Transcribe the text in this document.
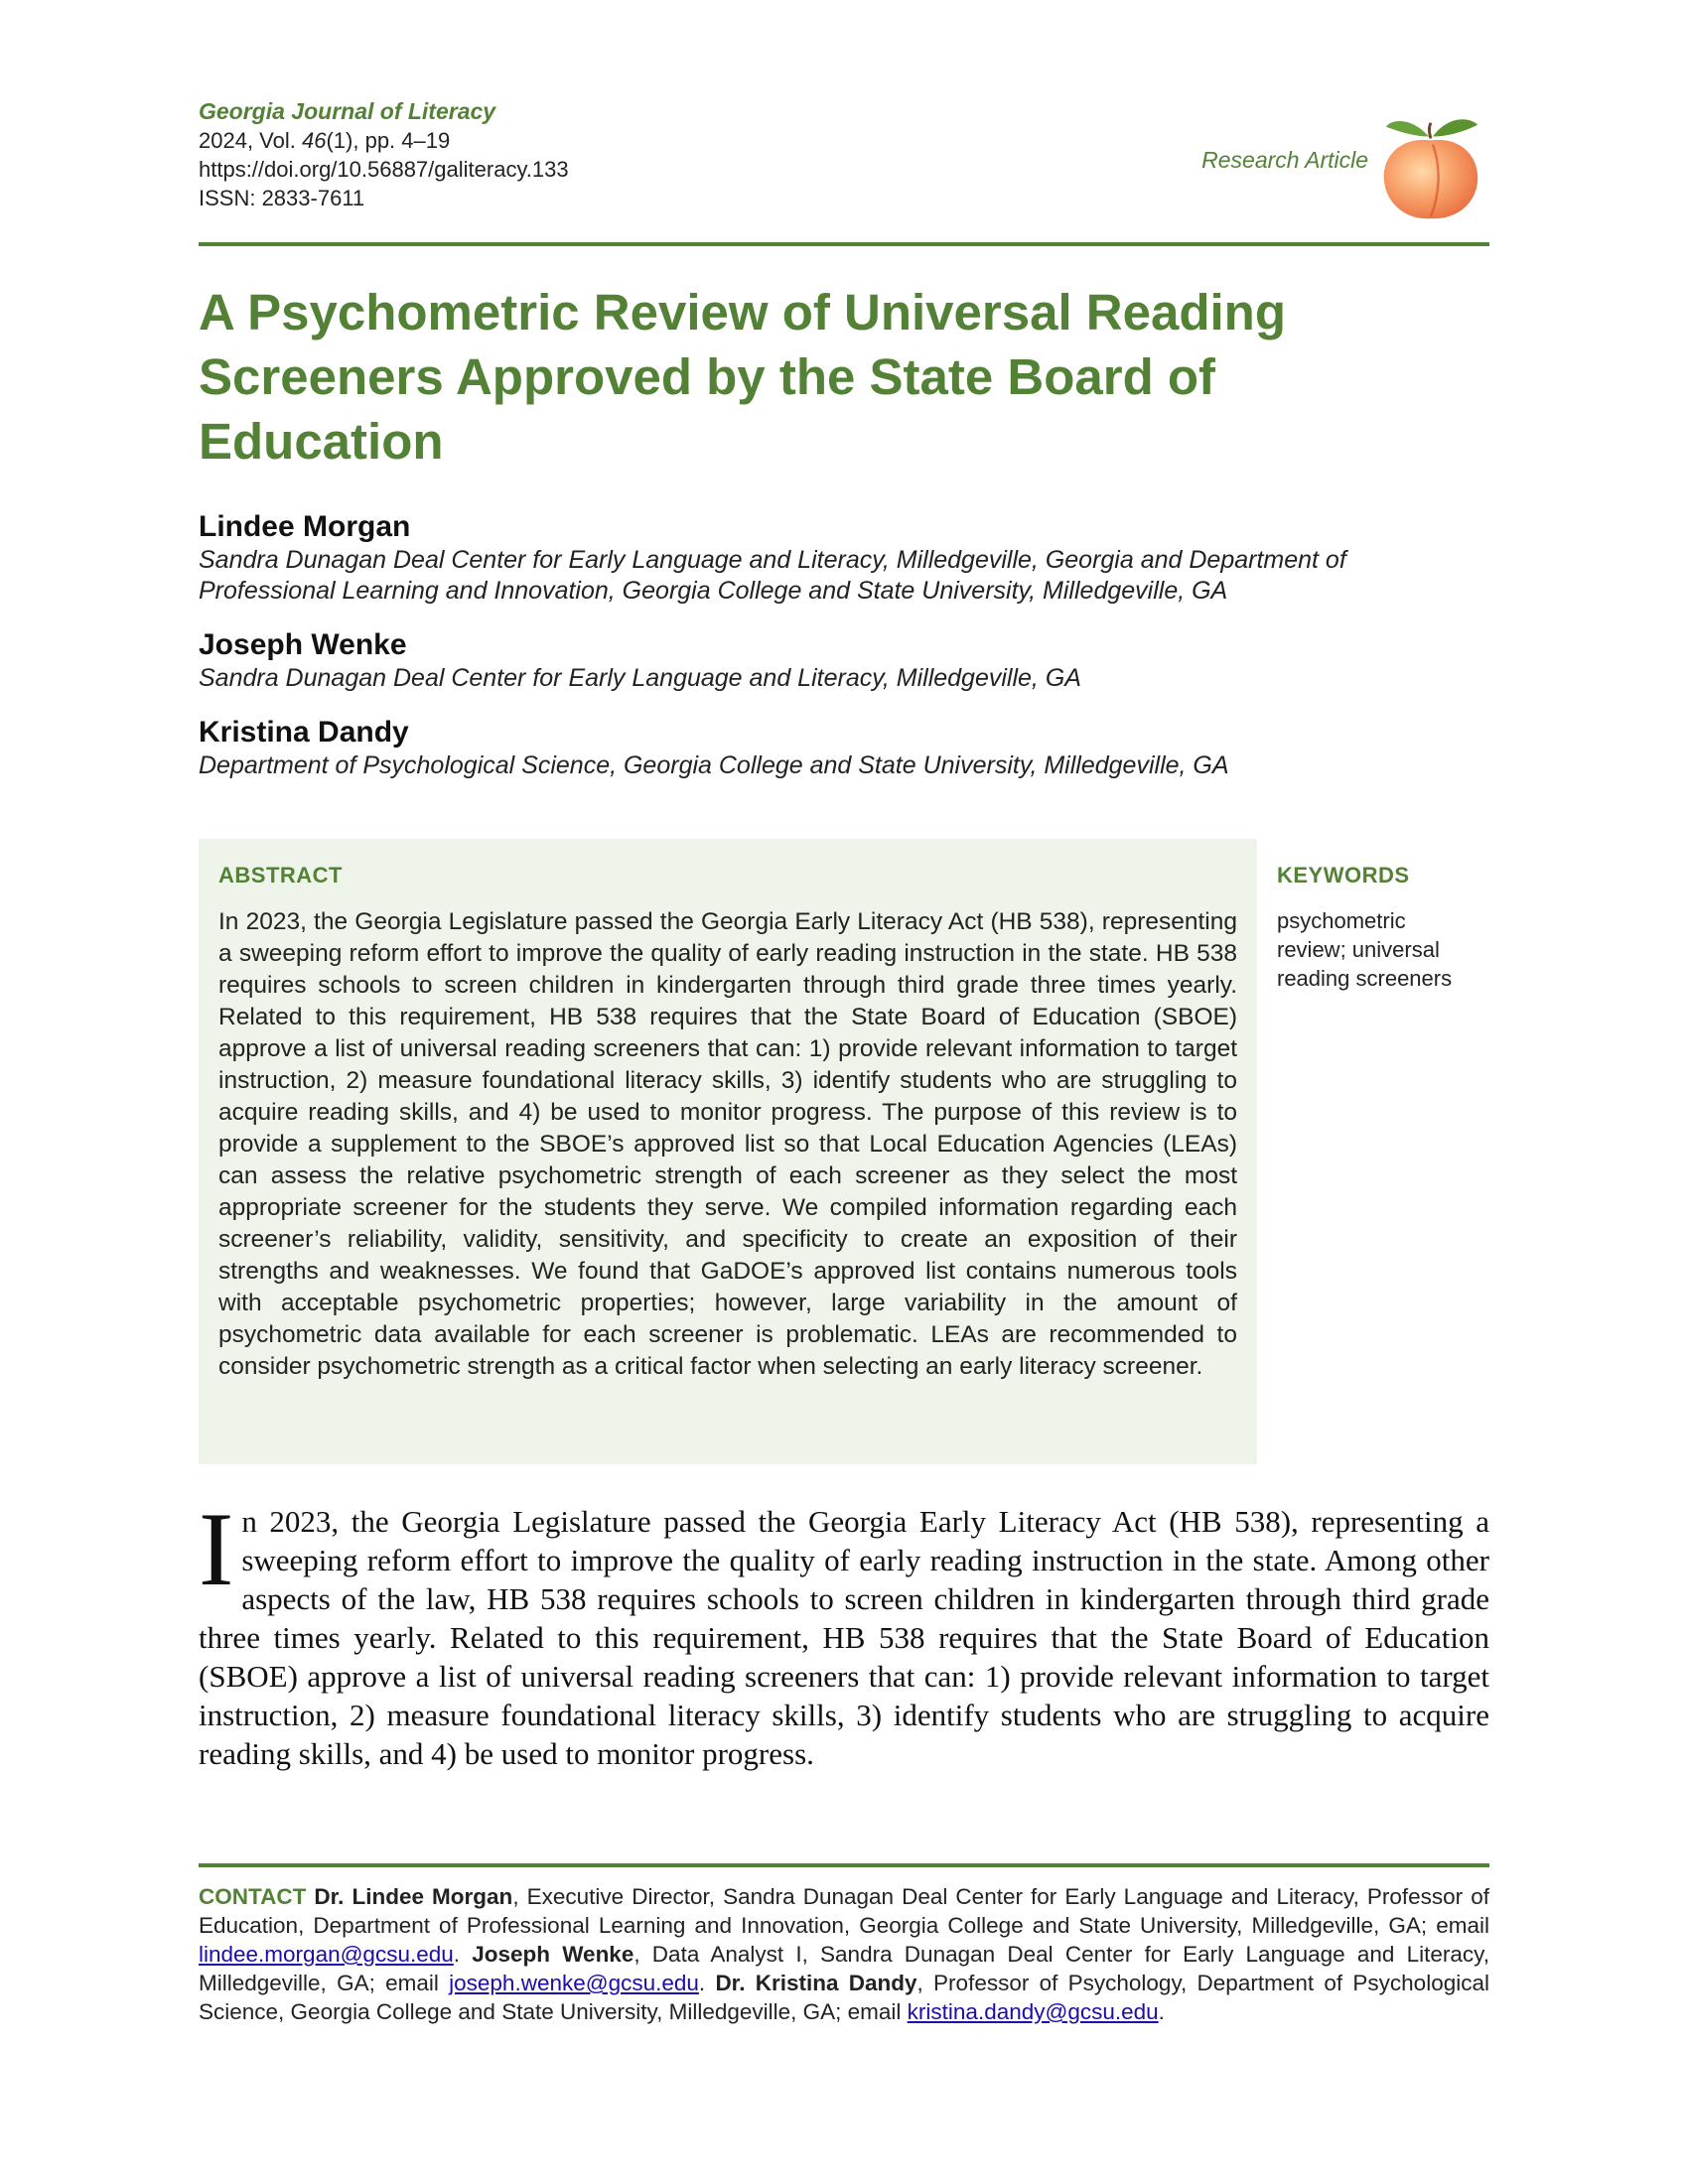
Georgia Journal of Literacy
2024, Vol. 46(1), pp. 4–19
https://doi.org/10.56887/galiteracy.133
ISSN: 2833-7611
Research Article
A Psychometric Review of Universal Reading Screeners Approved by the State Board of Education
Lindee Morgan
Sandra Dunagan Deal Center for Early Language and Literacy, Milledgeville, Georgia and Department of Professional Learning and Innovation, Georgia College and State University, Milledgeville, GA
Joseph Wenke
Sandra Dunagan Deal Center for Early Language and Literacy, Milledgeville, GA
Kristina Dandy
Department of Psychological Science, Georgia College and State University, Milledgeville, GA
ABSTRACT

In 2023, the Georgia Legislature passed the Georgia Early Literacy Act (HB 538), representing a sweeping reform effort to improve the quality of early reading instruction in the state. HB 538 requires schools to screen children in kindergarten through third grade three times yearly. Related to this requirement, HB 538 requires that the State Board of Education (SBOE) approve a list of universal reading screeners that can: 1) provide relevant information to target instruction, 2) measure foundational literacy skills, 3) identify students who are struggling to acquire reading skills, and 4) be used to monitor progress. The purpose of this review is to provide a supplement to the SBOE’s approved list so that Local Education Agencies (LEAs) can assess the relative psychometric strength of each screener as they select the most appropriate screener for the students they serve. We compiled information regarding each screener’s reliability, validity, sensitivity, and specificity to create an exposition of their strengths and weaknesses. We found that GaDOE’s approved list contains numerous tools with acceptable psychometric properties; however, large variability in the amount of psychometric data available for each screener is problematic. LEAs are recommended to consider psychometric strength as a critical factor when selecting an early literacy screener.

KEYWORDS
psychometric review; universal reading screeners

In 2023, the Georgia Legislature passed the Georgia Early Literacy Act (HB 538), representing a sweeping reform effort to improve the quality of early reading instruction in the state. Among other aspects of the law, HB 538 requires schools to screen children in kindergarten through third grade three times yearly. Related to this requirement, HB 538 requires that the State Board of Education (SBOE) approve a list of universal reading screeners that can: 1) provide relevant information to target instruction, 2) measure foundational literacy skills, 3) identify students who are struggling to acquire reading skills, and 4) be used to monitor progress.

CONTACT Dr. Lindee Morgan, Executive Director, Sandra Dunagan Deal Center for Early Language and Literacy, Professor of Education, Department of Professional Learning and Innovation, Georgia College and State University, Milledgeville, GA; email lindee.morgan@gcsu.edu. Joseph Wenke, Data Analyst I, Sandra Dunagan Deal Center for Early Language and Literacy, Milledgeville, GA; email joseph.wenke@gcsu.edu. Dr. Kristina Dandy, Professor of Psychology, Department of Psychological Science, Georgia College and State University, Milledgeville, GA; email kristina.dandy@gcsu.edu.
